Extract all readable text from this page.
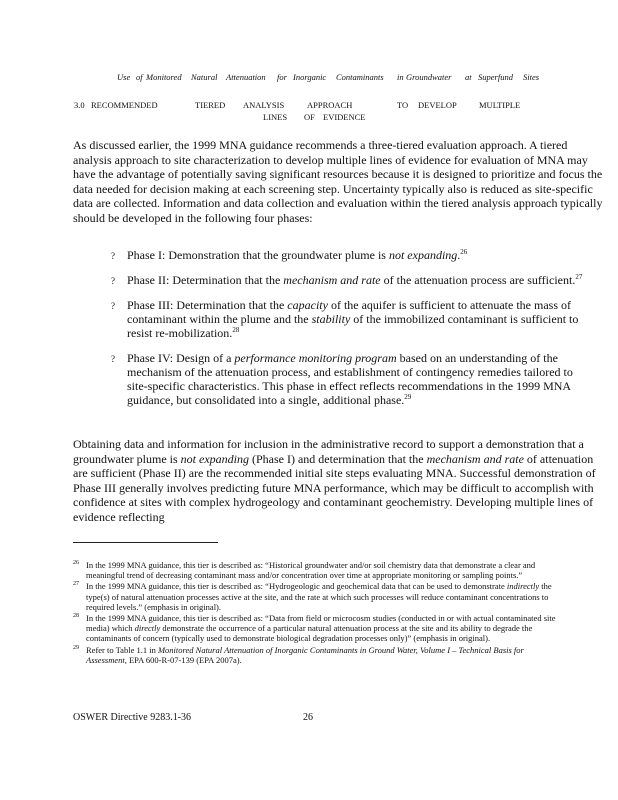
Use of Monitored Natural Attenuation for Inorganic Contaminants in Groundwater at Superfund Sites
3.0 RECOMMENDED	TIERED ANALYSIS	APPROACH	TO DEVELOP	MULTIPLE
LINES OF EVIDENCE

As discussed earlier, the 1999 MNA guidance recommends a three-tiered evaluation approach. A tiered analysis approach to site characterization to develop multiple lines of evidence for evaluation of MNA may have the advantage of potentially saving significant resources because it is designed to prioritize and focus the data needed for decision making at each screening step. Uncertainty typically also is reduced as site-specific data are collected. Information and data collection and evaluation within the tiered analysis approach typically should be developed in the following four phases:

? Phase I: Demonstration that the groundwater plume is not expanding.$^{26}$
? Phase II: Determination that the mechanism and rate of the attenuation process are sufficient.$^{27}$
? Phase III: Determination that the capacity of the aquifer is sufficient to attenuate the mass of contaminant within the plume and the stability of the immobilized contaminant is sufficient to resist re-mobilization.$^{28}$
? Phase IV: Design of a performance monitoring program based on an understanding of the mechanism of the attenuation process, and establishment of contingency remedies tailored to site-specific characteristics. This phase in effect reflects recommendations in the 1999 MNA guidance, but consolidated into a single, additional phase.$^{29}$

Obtaining data and information for inclusion in the administrative record to support a demonstration that a groundwater plume is not expanding (Phase I) and determination that the mechanism and rate of attenuation are sufficient (Phase II) are the recommended initial site steps evaluating MNA. Successful demonstration of Phase III generally involves predicting future MNA performance, which may be difficult to accomplish with confidence at sites with complex hydrogeology and contaminant geochemistry. Developing multiple lines of evidence reflecting

26 In the 1999 MNA guidance, this tier is described as: “Historical groundwater and/or soil chemistry data that demonstrate a clear and meaningful trend of decreasing contaminant mass and/or concentration over time at appropriate monitoring or sampling points.”
27 In the 1999 MNA guidance, this tier is described as: “Hydrogeologic and geochemical data that can be used to demonstrate indirectly the type(s) of natural attenuation processes active at the site, and the rate at which such processes will reduce contaminant concentrations to required levels.” (emphasis in original).
28 In the 1999 MNA guidance, this tier is described as: “Data from field or microcosm studies (conducted in or with actual contaminated site media) which directly demonstrate the occurrence of a particular natural attenuation process at the site and its ability to degrade the contaminants of concern (typically used to demonstrate biological degradation processes only)” (emphasis in original).
29 Refer to Table 1.1 in Monitored Natural Attenuation of Inorganic Contaminants in Ground Water, Volume I – Technical Basis for Assessment, EPA 600-R-07-139 (EPA 2007a).
OSWER Directive 9283.1-36	26
